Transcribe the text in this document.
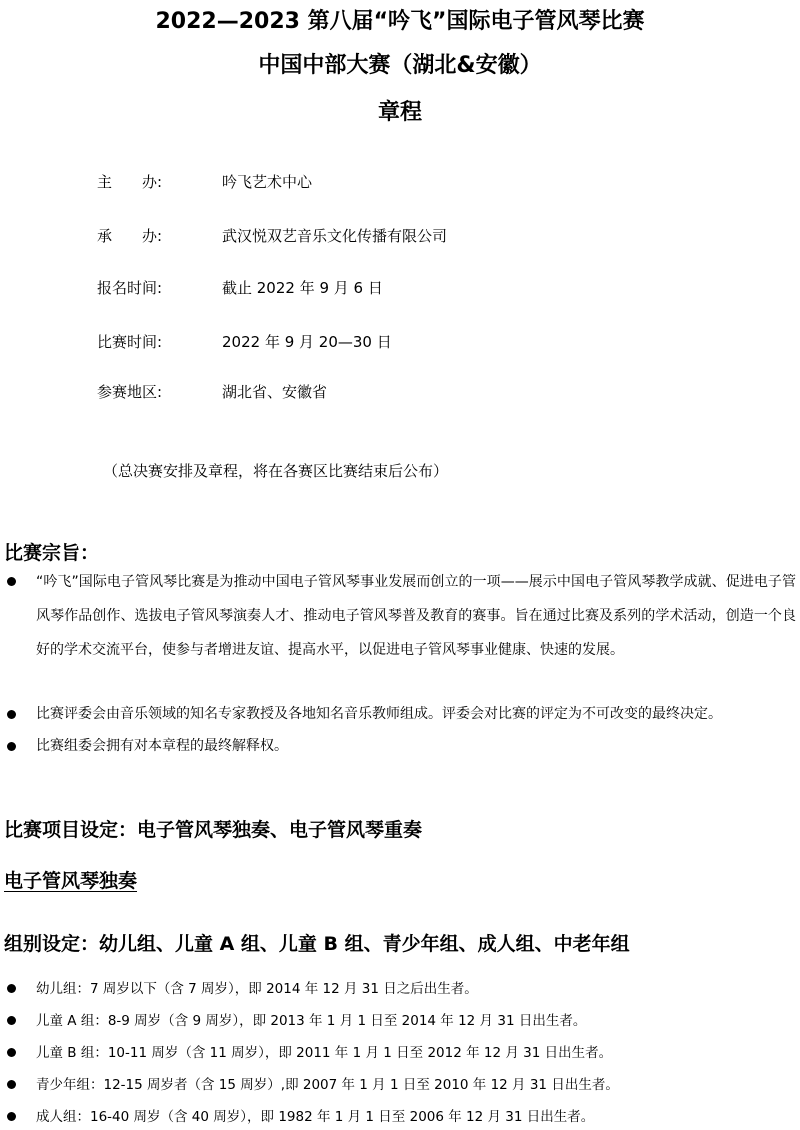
2022—2023 第八届“吟飞”国际电子管风琴比赛
中国中部大赛（湖北&安徽）
章程
主　　办:	吟飞艺术中心
承　　办:	武汉悦双艺音乐文化传播有限公司
报名时间:	截止 2022 年 9 月 6 日
比赛时间:	2022 年 9 月 20—30 日
参赛地区:	湖北省、安徽省
（总决赛安排及章程，将在各赛区比赛结束后公布）
比赛宗旨：
“吟飞”国际电子管风琴比赛是为推动中国电子管风琴事业发展而创立的一项——展示中国电子管风琴教学成就、促进电子管风琴作品创作、选拔电子管风琴演奏人才、推动电子管风琴普及教育的赛事。旨在通过比赛及系列的学术活动，创造一个良好的学术交流平台，使参与者增进友谊、提高水平，以促进电子管风琴事业健康、快速的发展。
比赛评委会由音乐领域的知名专家教授及各地知名音乐教师组成。评委会对比赛的评定为不可改变的最终决定。
比赛组委会拥有对本章程的最终解释权。
比赛项目设定：电子管风琴独奏、电子管风琴重奏
电子管风琴独奏
组别设定：幼儿组、儿童 A 组、儿童 B 组、青少年组、成人组、中老年组
幼儿组：7 周岁以下（含 7 周岁），即 2014 年 12 月 31 日之后出生者。
儿童 A 组：8-9 周岁（含 9 周岁），即 2013 年 1 月 1 日至 2014 年 12 月 31 日出生者。
儿童 B 组：10-11 周岁（含 11 周岁），即 2011 年 1 月 1 日至 2012 年 12 月 31 日出生者。
青少年组：12-15 周岁者（含 15 周岁）,即 2007 年 1 月 1 日至 2010 年 12 月 31 日出生者。
成人组：16-40 周岁（含 40 周岁），即 1982 年 1 月 1 日至 2006 年 12 月 31 日出生者。
